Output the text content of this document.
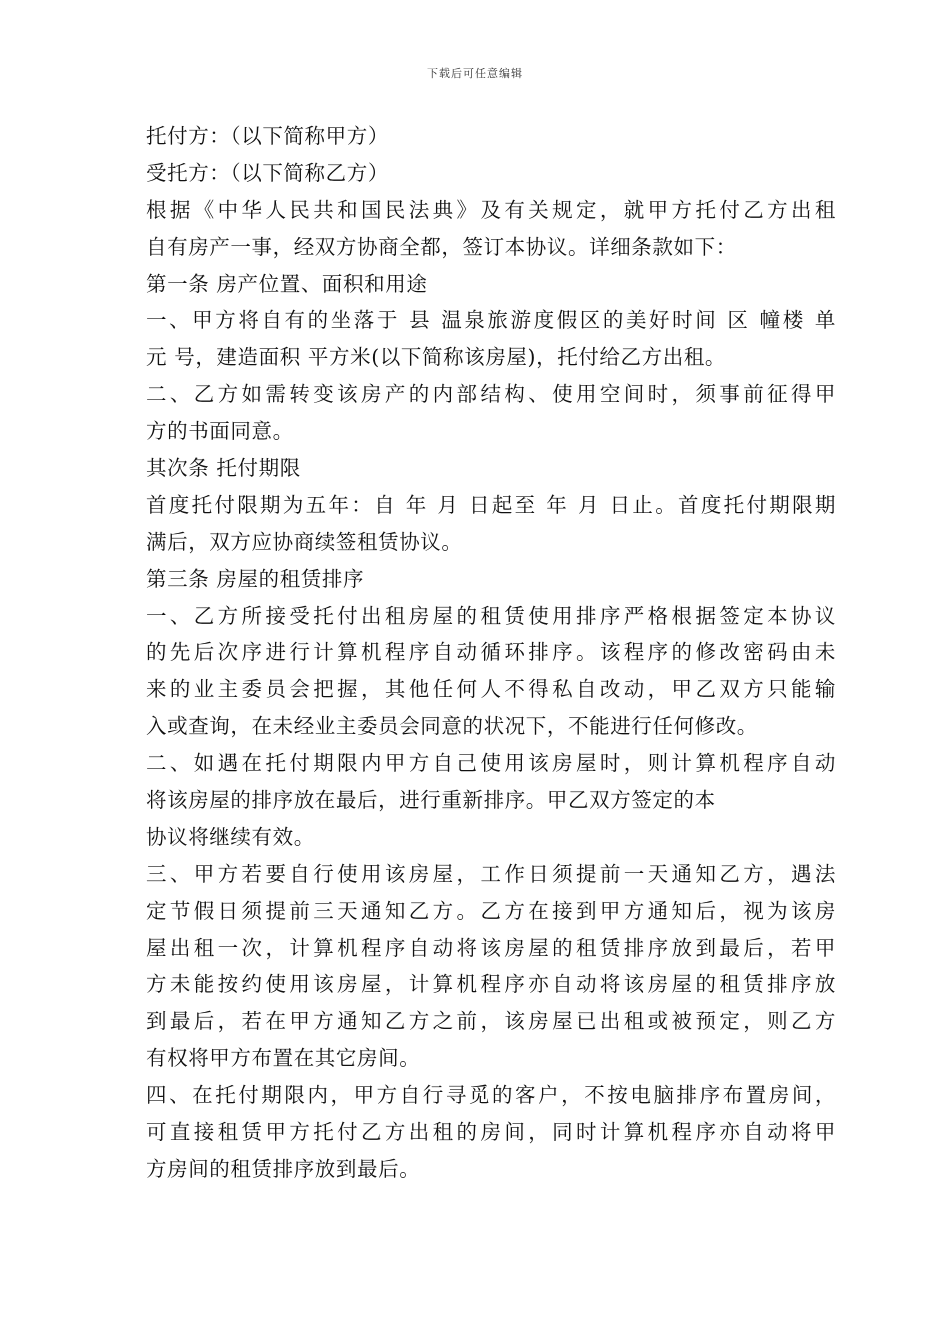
下载后可任意编辑
托付方：（以下简称甲方）
受托方：（以下简称乙方）
根据《中华人民共和国民法典》及有关规定，就甲方托付乙方出租
自有房产一事，经双方协商全都，签订本协议。详细条款如下：
第一条 房产位置、面积和用途
一、甲方将自有的坐落于 县 温泉旅游度假区的美好时间 区 幢楼 单
元 号，建造面积 平方米(以下简称该房屋)，托付给乙方出租。
二、乙方如需转变该房产的内部结构、使用空间时，须事前征得甲
方的书面同意。
其次条 托付期限
首度托付限期为五年：自 年 月 日起至 年 月 日止。首度托付期限期
满后，双方应协商续签租赁协议。
第三条 房屋的租赁排序
一、乙方所接受托付出租房屋的租赁使用排序严格根据签定本协议
的先后次序进行计算机程序自动循环排序。该程序的修改密码由未
来的业主委员会把握，其他任何人不得私自改动，甲乙双方只能输
入或查询，在未经业主委员会同意的状况下，不能进行任何修改。
二、如遇在托付期限内甲方自己使用该房屋时，则计算机程序自动
将该房屋的排序放在最后，进行重新排序。甲乙双方签定的本
协议将继续有效。
三、甲方若要自行使用该房屋，工作日须提前一天通知乙方，遇法
定节假日须提前三天通知乙方。乙方在接到甲方通知后，视为该房
屋出租一次，计算机程序自动将该房屋的租赁排序放到最后，若甲
方未能按约使用该房屋，计算机程序亦自动将该房屋的租赁排序放
到最后，若在甲方通知乙方之前，该房屋已出租或被预定，则乙方
有权将甲方布置在其它房间。
四、在托付期限内，甲方自行寻觅的客户，不按电脑排序布置房间，
可直接租赁甲方托付乙方出租的房间，同时计算机程序亦自动将甲
方房间的租赁排序放到最后。
